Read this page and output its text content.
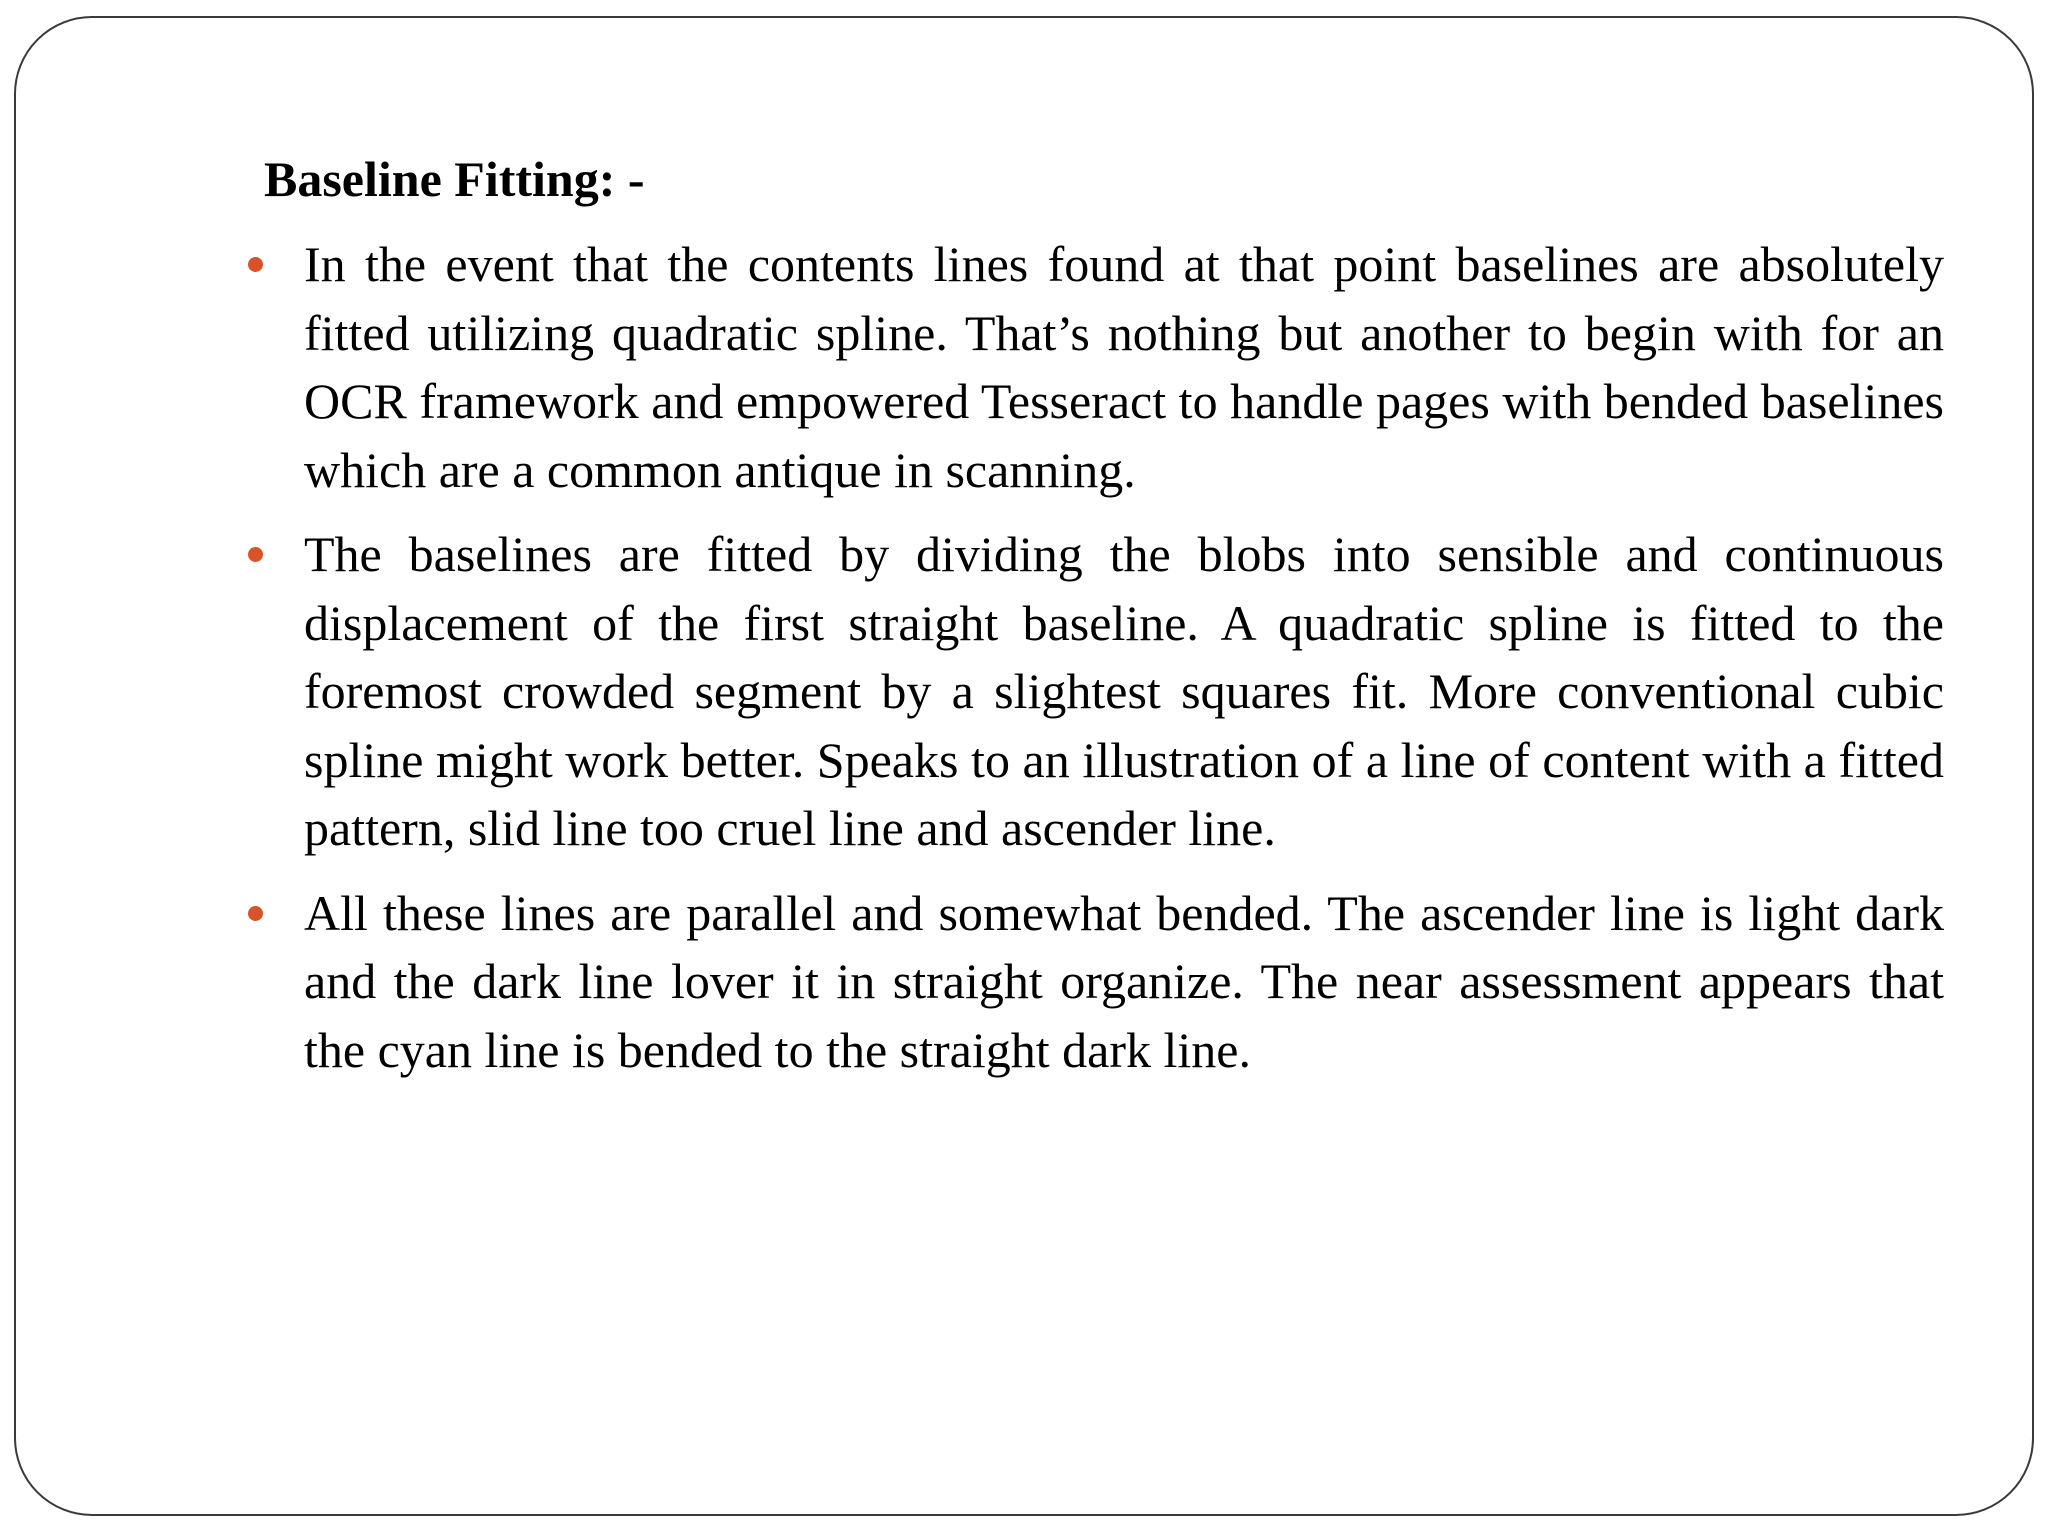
Baseline Fitting: -
In the event that the contents lines found at that point baselines are absolutely fitted utilizing quadratic spline. That’s nothing but another to begin with for an OCR framework and empowered Tesseract to handle pages with bended baselines which are a common antique in scanning.
The baselines are fitted by dividing the blobs into sensible and continuous displacement of the first straight baseline. A quadratic spline is fitted to the foremost crowded segment by a slightest squares fit. More conventional cubic spline might work better. Speaks to an illustration of a line of content with a fitted pattern, slid line too cruel line and ascender line.
All these lines are parallel and somewhat bended. The ascender line is light dark and the dark line lover it in straight organize. The near assessment appears that the cyan line is bended to the straight dark line.
